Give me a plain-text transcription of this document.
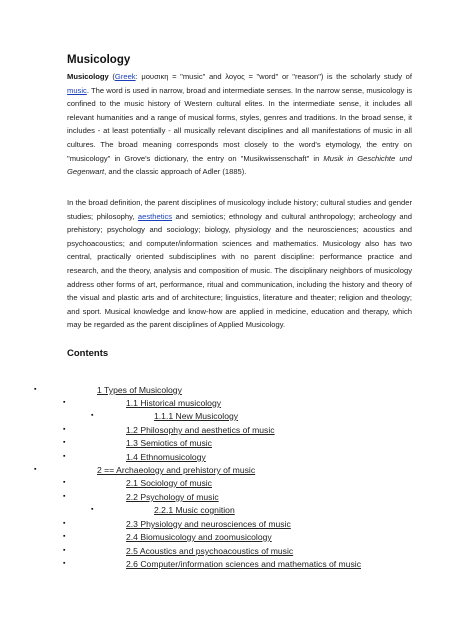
Musicology

Musicology (Greek: μουσικη = "music" and λογος = "word" or "reason") is the scholarly study of music. The word is used in narrow, broad and intermediate senses. In the narrow sense, musicology is confined to the music history of Western cultural elites. In the intermediate sense, it includes all relevant humanities and a range of musical forms, styles, genres and traditions. In the broad sense, it includes - at least potentially - all musically relevant disciplines and all manifestations of music in all cultures. The broad meaning corresponds most closely to the word's etymology, the entry on "musicology" in Grove's dictionary, the entry on "Musikwissenschaft" in Musik in Geschichte und Gegenwart, and the classic approach of Adler (1885).

In the broad definition, the parent disciplines of musicology include history; cultural studies and gender studies; philosophy, aesthetics and semiotics; ethnology and cultural anthropology; archeology and prehistory; psychology and sociology; biology, physiology and the neurosciences; acoustics and psychoacoustics; and computer/information sciences and mathematics. Musicology also has two central, practically oriented subdisciplines with no parent discipline: performance practice and research, and the theory, analysis and composition of music. The disciplinary neighbors of musicology address other forms of art, performance, ritual and communication, including the history and theory of the visual and plastic arts and of architecture; linguistics, literature and theater; religion and theology; and sport. Musical knowledge and know-how are applied in medicine, education and therapy, which may be regarded as the parent disciplines of Applied Musicology.

Contents
▪	1 Types of Musicology
▪	1.1 Historical musicology
▪	1.1.1 New Musicology
▪	1.2 Philosophy and aesthetics of music
▪	1.3 Semiotics of music
▪	1.4 Ethnomusicology
▪	2 == Archaeology and prehistory of music
▪	2.1 Sociology of music
▪	2.2 Psychology of music
▪	2.2.1 Music cognition
▪	2.3 Physiology and neurosciences of music
▪	2.4 Biomusicology and zoomusicology
▪	2.5 Acoustics and psychoacoustics of music
▪	2.6 Computer/information sciences and mathematics of music
